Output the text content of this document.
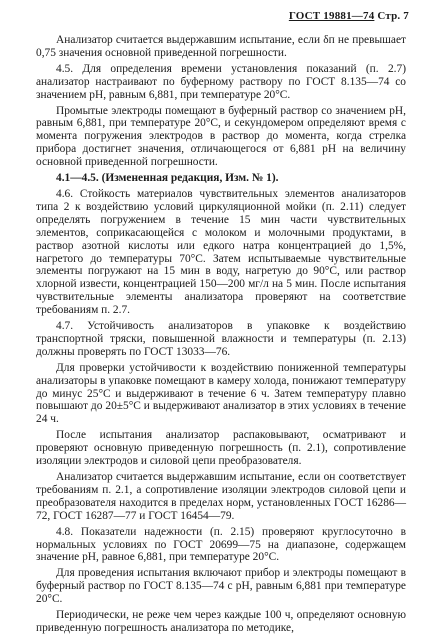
ГОСТ 19881—74 Стр. 7

Анализатор считается выдержавшим испытание, если δп не превышает 0,75 значения основной приведенной погрешности.

4.5. Для определения времени установления показаний (п. 2.7) анализатор настраивают по буферному раствору по ГОСТ 8.135—74 со значением pH, равным 6,881, при температуре 20°С.

Промытые электроды помещают в буферный раствор со значением pH, равным 6,881, при температуре 20°С, и секундомером определяют время с момента погружения электродов в раствор до момента, когда стрелка прибора достигнет значения, отличающегося от 6,881 pH на величину основной приведенной погрешности.

4.1—4.5. (Измененная редакция, Изм. № 1).

4.6. Стойкость материалов чувствительных элементов анализаторов типа 2 к воздействию условий циркуляционной мойки (п. 2.11) следует определять погружением в течение 15 мин части чувствительных элементов, соприкасающейся с молоком и молочными продуктами, в раствор азотной кислоты или едкого натра концентрацией до 1,5%, нагретого до температуры 70°С. Затем испытываемые чувствительные элементы погружают на 15 мин в воду, нагретую до 90°С, или раствор хлорной извести, концентрацией 150—200 мг/л на 5 мин. После испытания чувствительные элементы анализатора проверяют на соответствие требованиям п. 2.7.

4.7. Устойчивость анализаторов в упаковке к воздействию транспортной тряски, повышенной влажности и температуры (п. 2.13) должны проверять по ГОСТ 13033—76.

Для проверки устойчивости к воздействию пониженной температуры анализаторы в упаковке помещают в камеру холода, понижают температуру до минус 25°С и выдерживают в течение 6 ч. Затем температуру плавно повышают до 20±5°С и выдерживают анализатор в этих условиях в течение 24 ч.

После испытания анализатор распаковывают, осматривают и проверяют основную приведенную погрешность (п. 2.1), сопротивление изоляции электродов и силовой цепи преобразователя.

Анализатор считается выдержавшим испытание, если он соответствует требованиям п. 2.1, а сопротивление изоляции электродов силовой цепи и преобразователя находится в пределах норм, установленных ГОСТ 16286—72, ГОСТ 16287—77 и ГОСТ 16454—79.

4.8. Показатели надежности (п. 2.15) проверяют круглосуточно в нормальных условиях по ГОСТ 20699—75 на диапазоне, содержащем значение pH, равное 6,881, при температуре 20°С.

Для проведения испытания включают прибор и электроды помещают в буферный раствор по ГОСТ 8.135—74 с pH, равным 6,881 при температуре 20°С.

Периодически, не реже чем через каждые 100 ч, определяют основную приведенную погрешность анализатора по методике,
